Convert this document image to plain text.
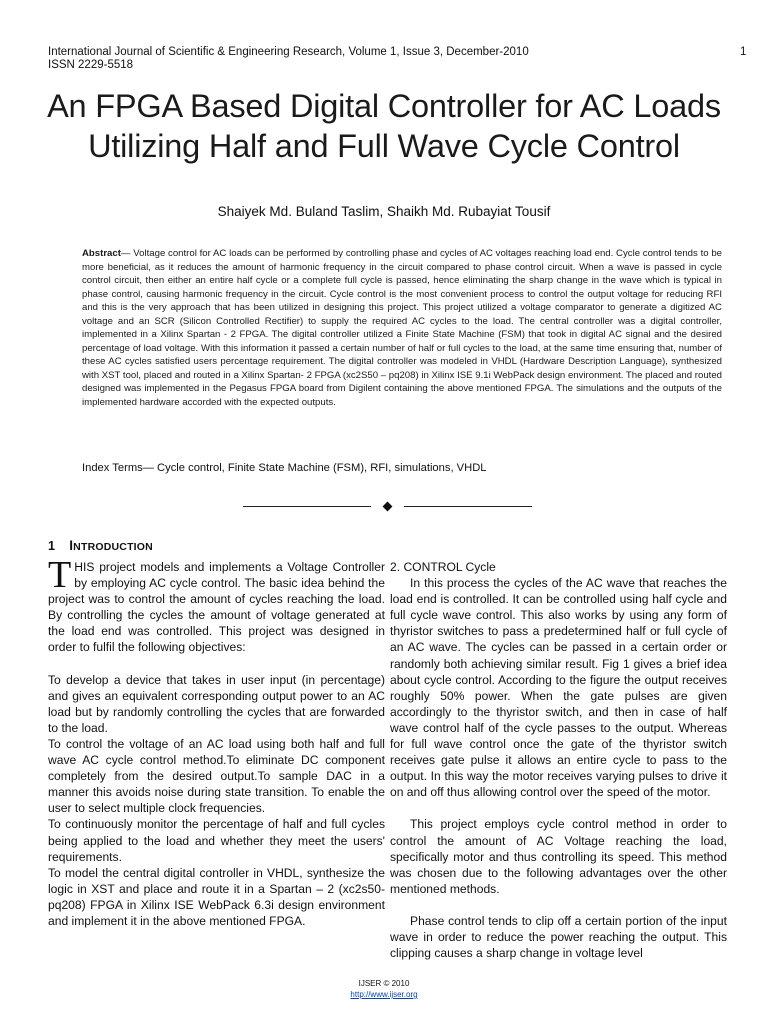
International Journal of Scientific & Engineering Research, Volume 1, Issue 3, December-2010
ISSN 2229-5518
1
An FPGA Based Digital Controller for AC Loads Utilizing Half and Full Wave Cycle Control
Shaiyek Md. Buland Taslim, Shaikh Md. Rubayiat Tousif
Abstract— Voltage control for AC loads can be performed by controlling phase and cycles of AC voltages reaching load end. Cycle control tends to be more beneficial, as it reduces the amount of harmonic frequency in the circuit compared to phase control circuit. When a wave is passed in cycle control circuit, then either an entire half cycle or a complete full cycle is passed, hence eliminating the sharp change in the wave which is typical in phase control, causing harmonic frequency in the circuit. Cycle control is the most convenient process to control the output voltage for reducing RFI and this is the very approach that has been utilized in designing this project. This project utilized a voltage comparator to generate a digitized AC voltage and an SCR (Silicon Controlled Rectifier) to supply the required AC cycles to the load. The central controller was a digital controller, implemented in a Xilinx Spartan - 2 FPGA. The digital controller utilized a Finite State Machine (FSM) that took in digital AC signal and the desired percentage of load voltage. With this information it passed a certain number of half or full cycles to the load, at the same time ensuring that, number of these AC cycles satisfied users percentage requirement. The digital controller was modeled in VHDL (Hardware Description Language), synthesized with XST tool, placed and routed in a Xilinx Spartan- 2 FPGA (xc2S50 – pq208) in Xilinx ISE 9.1i WebPack design environment. The placed and routed designed was implemented in the Pegasus FPGA board from Digilent containing the above mentioned FPGA. The simulations and the outputs of the implemented hardware accorded with the expected outputs.
Index Terms— Cycle control, Finite State Machine (FSM), RFI, simulations, VHDL
1 INTRODUCTION

THIS project models and implements a Voltage Controller by employing AC cycle control. The basic idea behind the project was to control the amount of cycles reaching the load. By controlling the cycles the amount of voltage generated at the load end was controlled. This project was designed in order to fulfil the following objectives:

To develop a device that takes in user input (in percentage) and gives an equivalent corresponding output power to an AC load but by randomly controlling the cycles that are forwarded to the load.

To control the voltage of an AC load using both half and full wave AC cycle control method.To eliminate DC component completely from the desired output.To sample DAC in a manner this avoids noise during state transition. To enable the user to select multiple clock frequencies.

To continuously monitor the percentage of half and full cycles being applied to the load and whether they meet the users' requirements.

To model the central digital controller in VHDL, synthesize the logic in XST and place and route it in a Spartan – 2 (xc2s50-pq208) FPGA in Xilinx ISE WebPack 6.3i design environment and implement it in the above mentioned FPGA.

2. CONTROL Cycle

In this process the cycles of the AC wave that reaches the load end is controlled. It can be controlled using half cycle and full cycle wave control. This also works by using any form of thyristor switches to pass a predetermined half or full cycle of an AC wave. The cycles can be passed in a certain order or randomly both achieving similar result. Fig 1 gives a brief idea about cycle control. According to the figure the output receives roughly 50% power. When the gate pulses are given accordingly to the thyristor switch, and then in case of half wave control half of the cycle passes to the output. Whereas for full wave control once the gate of the thyristor switch receives gate pulse it allows an entire cycle to pass to the output. In this way the motor receives varying pulses to drive it on and off thus allowing control over the speed of the motor.

This project employs cycle control method in order to control the amount of AC Voltage reaching the load, specifically motor and thus controlling its speed. This method was chosen due to the following advantages over the other mentioned methods.

Phase control tends to clip off a certain portion of the input wave in order to reduce the power reaching the output. This clipping causes a sharp change in voltage level

IJSER © 2010
http://www.ijser.org
